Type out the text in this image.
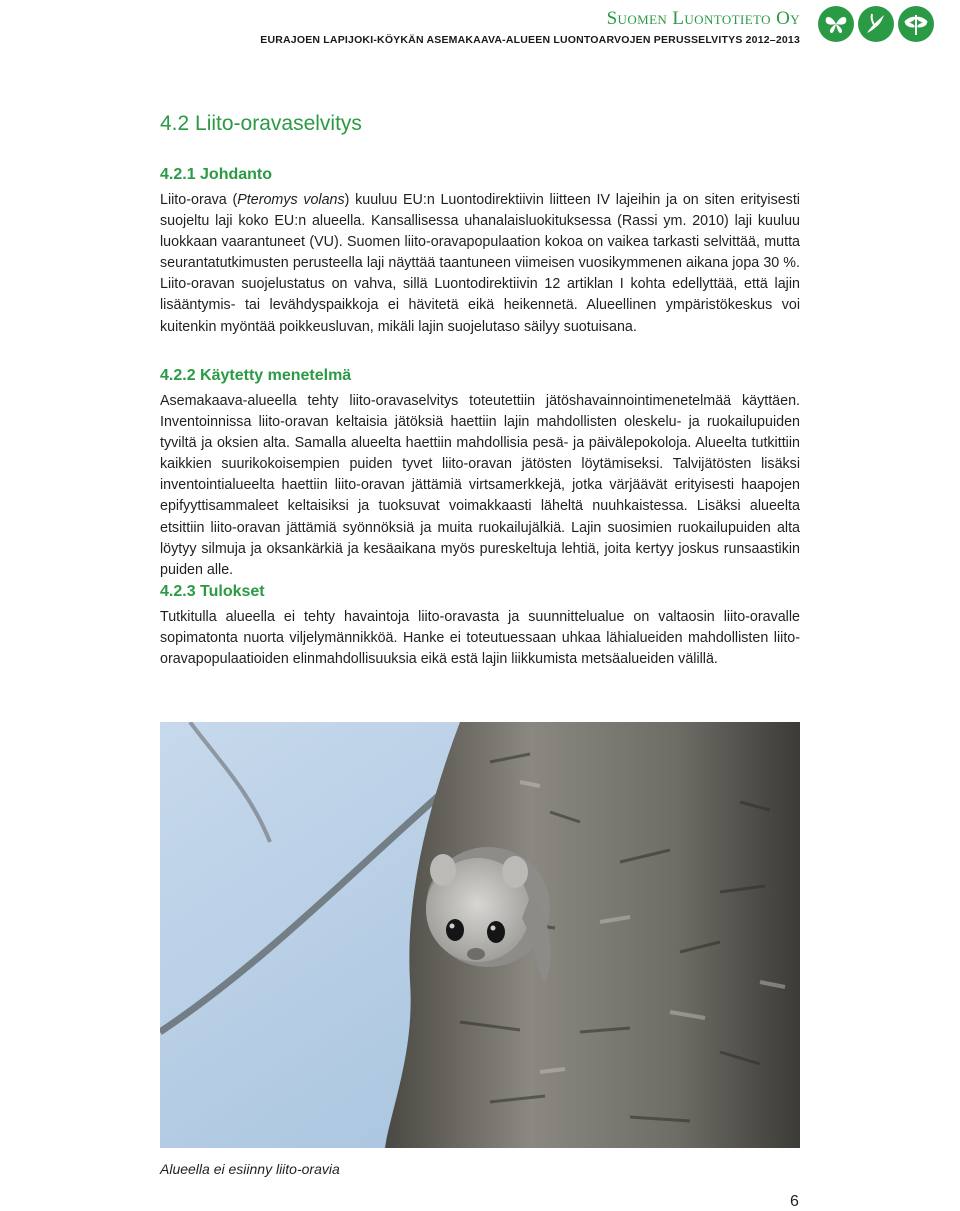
Suomen Luontotieto Oy
EURAJOEN LAPIJOKI-KÖYKÄN ASEMAKAAVA-ALUEEN LUONTOARVOJEN PERUSSELVITYS 2012–2013
4.2 Liito-oravaselvitys
4.2.1 Johdanto

Liito-orava (Pteromys volans) kuuluu EU:n Luontodirektiivin liitteen IV lajeihin ja on siten erityisesti suojeltu laji koko EU:n alueella. Kansallisessa uhanalaisluokituksessa (Rassi ym. 2010) laji kuuluu luokkaan vaarantuneet (VU). Suomen liito-oravapopulaation kokoa on vaikea tarkasti selvittää, mutta seurantatutkimusten perusteella laji näyttää taantuneen viimeisen vuosikymmenen aikana jopa 30 %. Liito-oravan suojelustatus on vahva, sillä Luontodirektiivin 12 artiklan I kohta edellyttää, että lajin lisääntymis- tai levähdyspaikkoja ei hävitetä eikä heikennetä. Alueellinen ympäristökeskus voi kuitenkin myöntää poikkeusluvan, mikäli lajin suojelutaso säilyy suotuisana.

4.2.2 Käytetty menetelmä

Asemakaava-alueella tehty liito-oravaselvitys toteutettiin jätöshavainnointimenetelmää käyttäen. Inventoinnissa liito-oravan keltaisia jätöksiä haettiin lajin mahdollisten oleskelu- ja ruokailupuiden tyviltä ja oksien alta. Samalla alueelta haettiin mahdollisia pesä- ja päivälepokoloja. Alueelta tutkittiin kaikkien suurikokoisempien puiden tyvet liito-oravan jätösten löytämiseksi. Talvijätösten lisäksi inventointialueelta haettiin liito-oravan jättämiä virtsamerkkejä, jotka värjäävät erityisesti haapojen epifyyttisammaleet keltaisiksi ja tuoksuvat voimakkaasti läheltä nuuhkaistessa. Lisäksi alueelta etsittiin liito-oravan jättämiä syönnöksiä ja muita ruokailujälkiä. Lajin suosimien ruokailupuiden alta löytyy silmuja ja oksankärkiä ja kesäaikana myös pureskeltuja lehtiä, joita kertyy joskus runsaastikin puiden alle.

4.2.3 Tulokset

Tutkitulla alueella ei tehty havaintoja liito-oravasta ja suunnittelualue on valtaosin liito-oravalle sopimatonta nuorta viljelymännikköä. Hanke ei toteutuessaan uhkaa lähialueiden mahdollisten liito-oravapopulaatioiden elinmahdollisuuksia eikä estä lajin liikkumista metsäalueiden välillä.

Alueella ei esiinny liito-oravia
6
